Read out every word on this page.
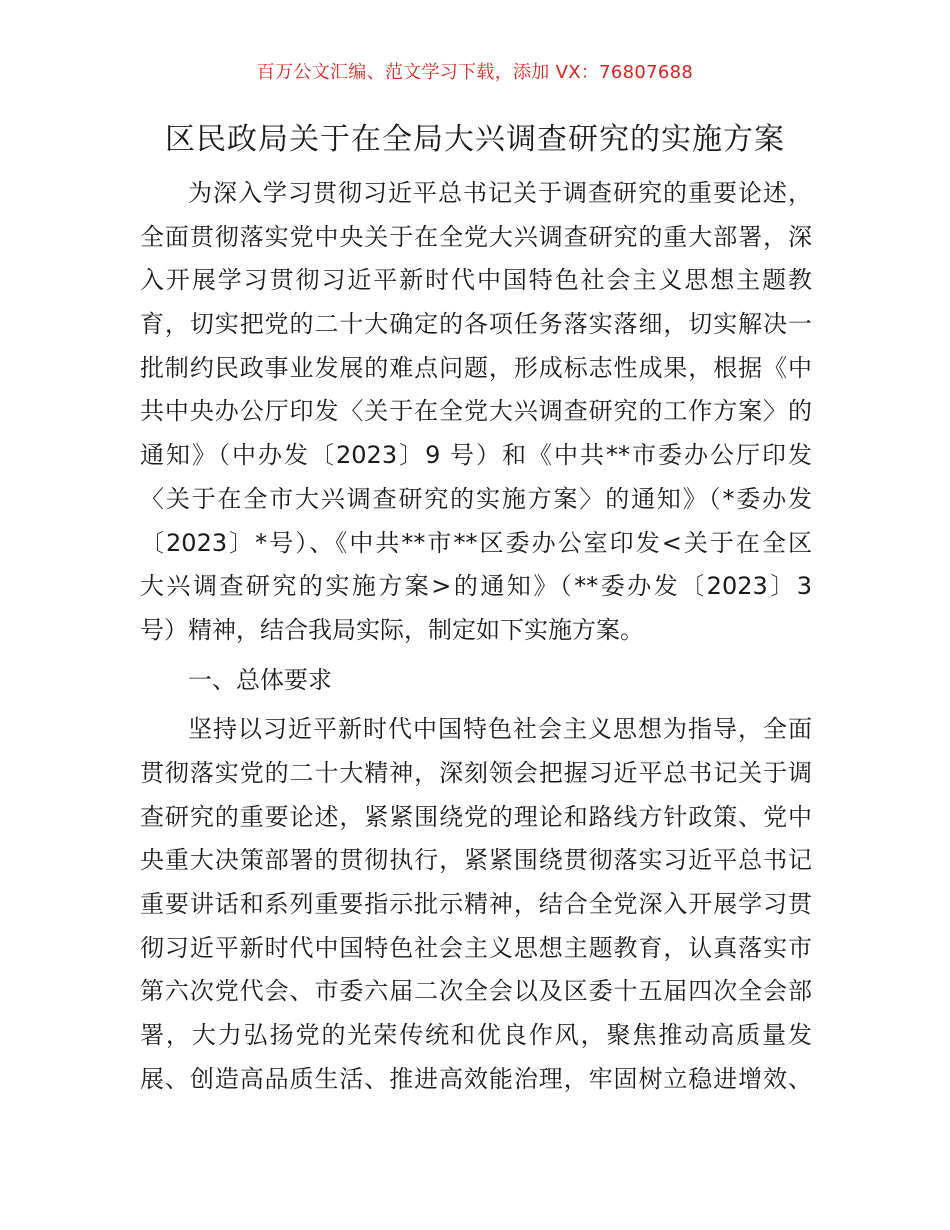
百万公文汇编、范文学习下载，添加 VX：76807688
区民政局关于在全局大兴调查研究的实施方案
为深入学习贯彻习近平总书记关于调查研究的重要论述，
全面贯彻落实党中央关于在全党大兴调查研究的重大部署，深
入开展学习贯彻习近平新时代中国特色社会主义思想主题教
育，切实把党的二十大确定的各项任务落实落细，切实解决一
批制约民政事业发展的难点问题，形成标志性成果，根据《中
共中央办公厅印发〈关于在全党大兴调查研究的工作方案〉的
通知》（中办发〔2023〕9 号）和《中共**市委办公厅印发
〈关于在全市大兴调查研究的实施方案〉的通知》（*委办发
〔2023〕*号）、《中共**市**区委办公室印发<关于在全区
大兴调查研究的实施方案>的通知》（**委办发〔2023〕3
号）精神，结合我局实际，制定如下实施方案。
一、总体要求
坚持以习近平新时代中国特色社会主义思想为指导，全面
贯彻落实党的二十大精神，深刻领会把握习近平总书记关于调
查研究的重要论述，紧紧围绕党的理论和路线方针政策、党中
央重大决策部署的贯彻执行，紧紧围绕贯彻落实习近平总书记
重要讲话和系列重要指示批示精神，结合全党深入开展学习贯
彻习近平新时代中国特色社会主义思想主题教育，认真落实市
第六次党代会、市委六届二次全会以及区委十五届四次全会部
署，大力弘扬党的光荣传统和优良作风，聚焦推动高质量发
展、创造高品质生活、推进高效能治理，牢固树立稳进增效、
